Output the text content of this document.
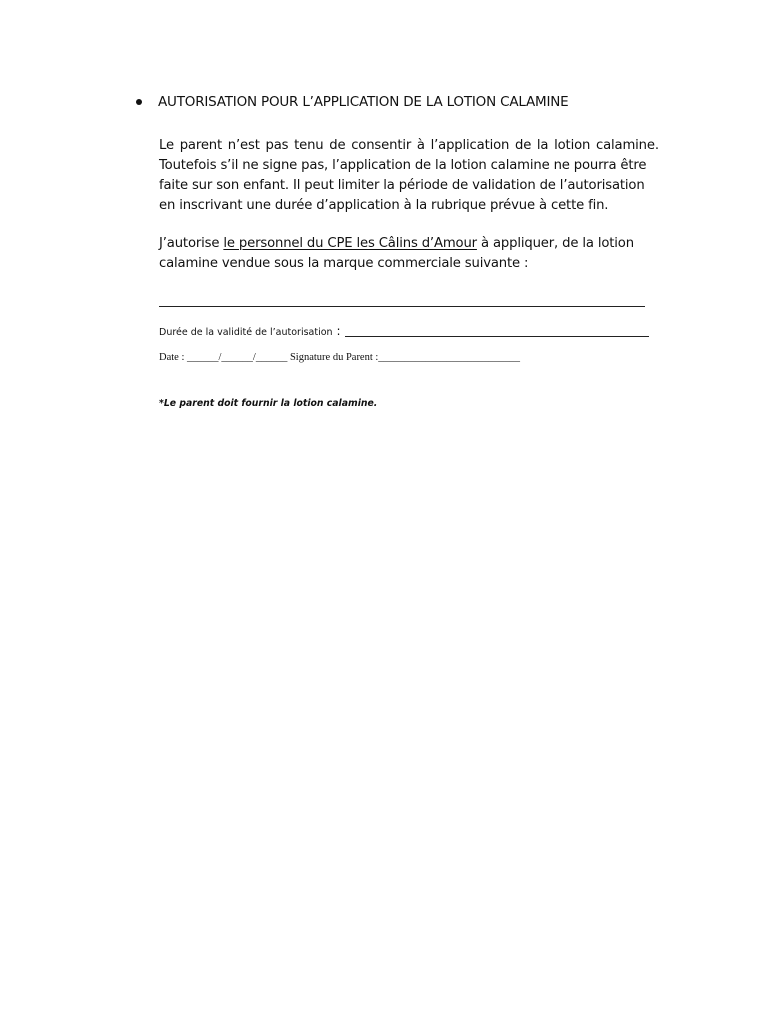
AUTORISATION POUR L’APPLICATION DE LA LOTION CALAMINE
Le parent n’est pas tenu de consentir à l’application de la lotion calamine.
Toutefois s’il ne signe pas, l’application de la lotion calamine ne pourra être
faite sur son enfant. Il peut limiter la période de validation de l’autorisation
en inscrivant une durée d’application à la rubrique prévue à cette fin.
J’autorise le personnel du CPE les Câlins d’Amour à appliquer, de la lotion
calamine vendue sous la marque commerciale suivante :
Durée de la validité de l’autorisation :
Date : ______/______/______ Signature du Parent :___________________________
*Le parent doit fournir la lotion calamine.
